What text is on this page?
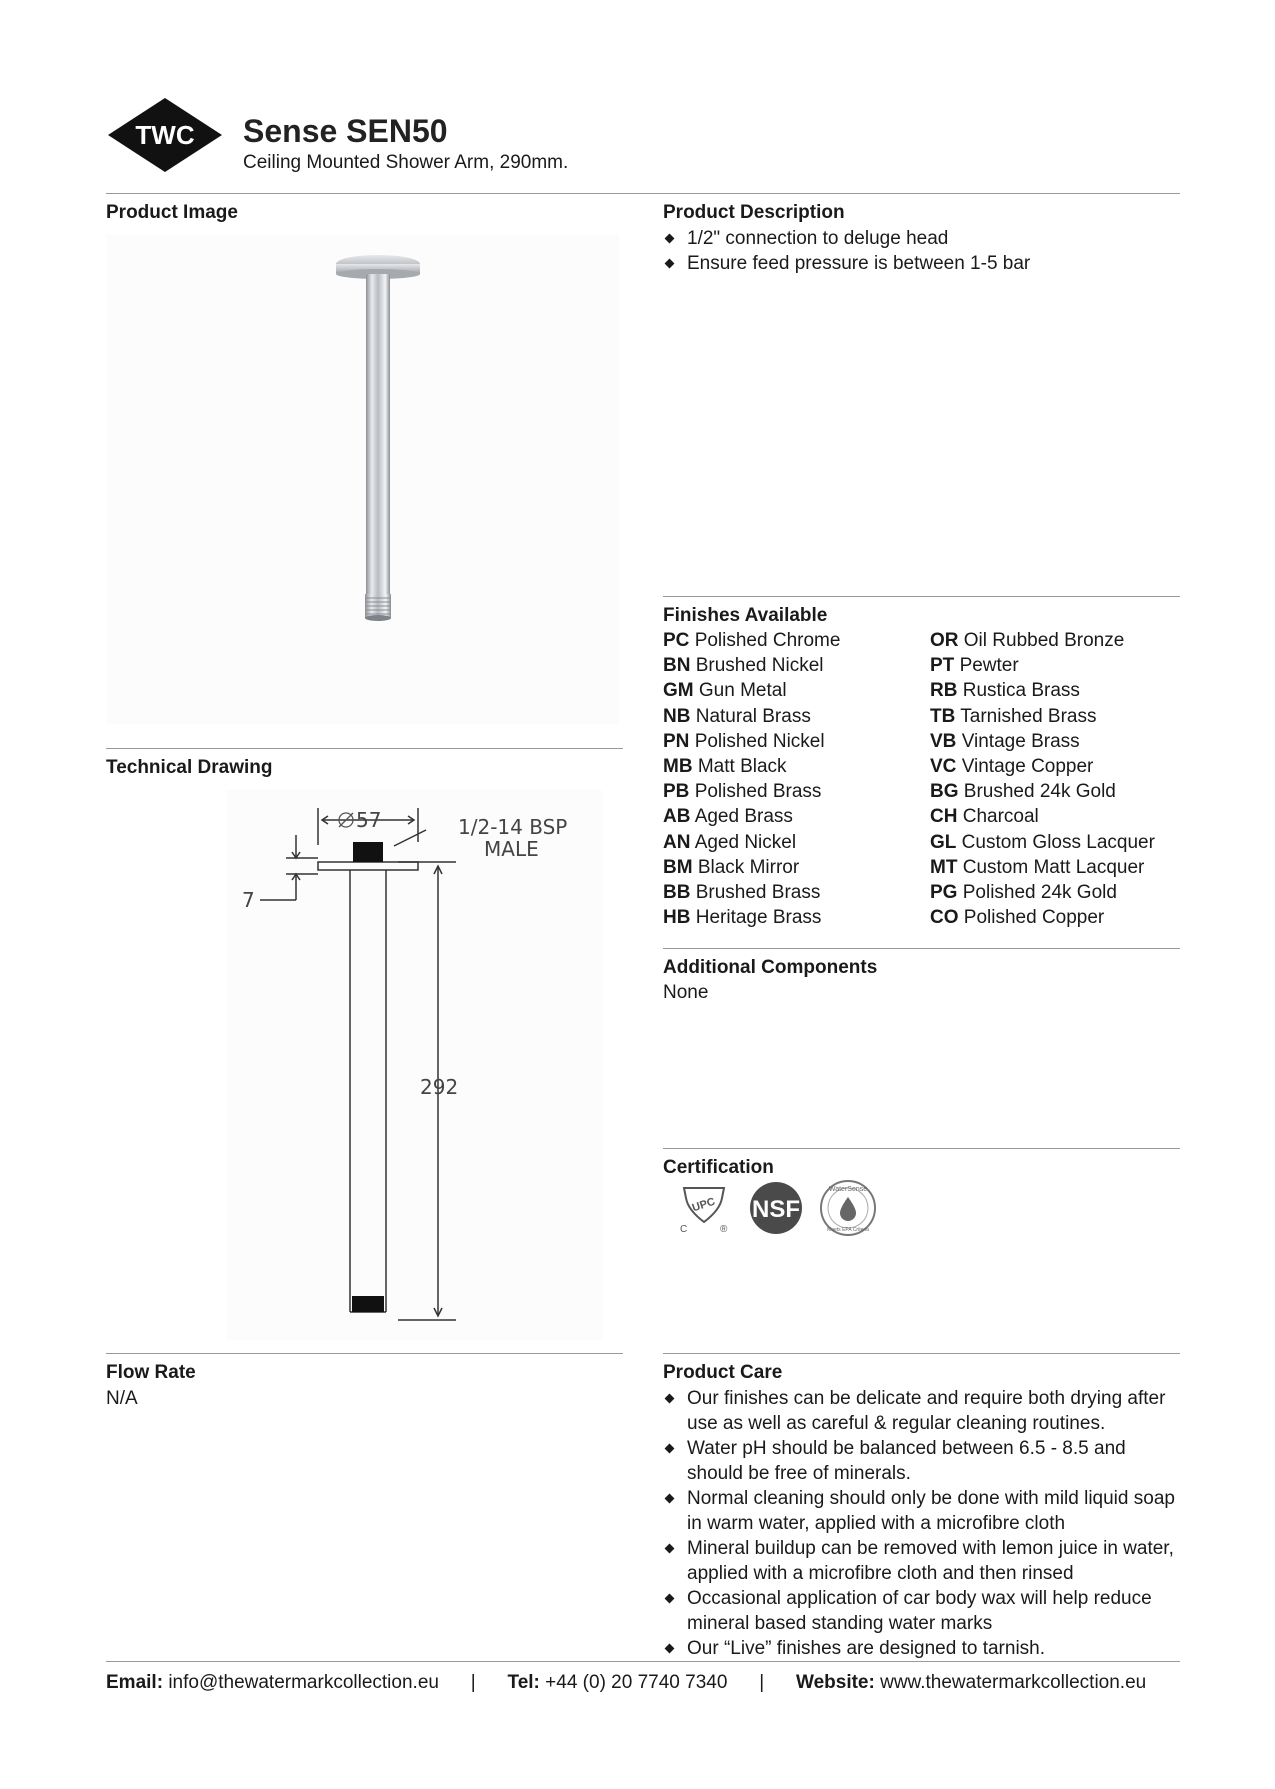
TWC Sense SEN50
Ceiling Mounted Shower Arm, 290mm.
Product Image
Technical Drawing
57	1/2-14 BSP
MALE
7
292
Flow Rate
N/A
Product Description
1/2" connection to deluge head
Ensure feed pressure is between 1-5 bar
Finishes Available
PC Polished Chrome
BN Brushed Nickel
GM Gun Metal
NB Natural Brass
PN Polished Nickel
MB Matt Black
PB Polished Brass
AB Aged Brass
AN Aged Nickel
BM Black Mirror
BB Brushed Brass
HB Heritage Brass
OR Oil Rubbed Bronze
PT Pewter
RB Rustica Brass
TB Tarnished Brass
VB Vintage Brass
VC Vintage Copper
BG Brushed 24k Gold
CH Charcoal
GL Custom Gloss Lacquer
MT Custom Matt Lacquer
PG Polished 24k Gold
CO Polished Copper
Additional Components
None
Certification
UPC
C	®
NSF
WaterSense
Meets EPA Criteria
Product Care
Our finishes can be delicate and require both drying after use as well as careful & regular cleaning routines.
Water pH should be balanced between 6.5 - 8.5 and should be free of minerals.
Normal cleaning should only be done with mild liquid soap in warm water, applied with a microfibre cloth
Mineral buildup can be removed with lemon juice in water, applied with a microfibre cloth and then rinsed
Occasional application of car body wax will help reduce mineral based standing water marks
Our “Live” finishes are designed to tarnish.
Email: info@thewatermarkcollection.eu | Tel: +44 (0) 20 7740 7340 | Website: www.thewatermarkcollection.eu
